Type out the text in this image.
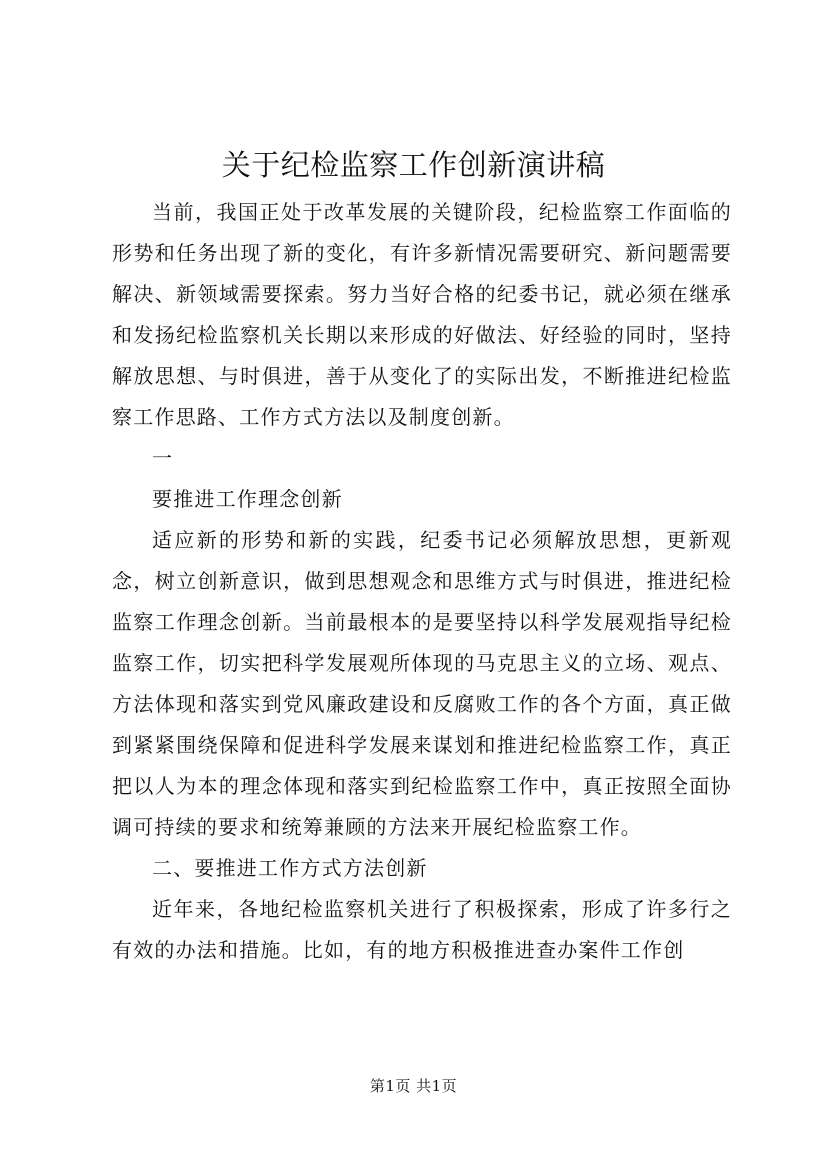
关于纪检监察工作创新演讲稿

当前，我国正处于改革发展的关键阶段，纪检监察工作面临的形势和任务出现了新的变化，有许多新情况需要研究、新问题需要解决、新领域需要探索。努力当好合格的纪委书记，就必须在继承和发扬纪检监察机关长期以来形成的好做法、好经验的同时，坚持解放思想、与时俱进，善于从变化了的实际出发，不断推进纪检监察工作思路、工作方式方法以及制度创新。

一

要推进工作理念创新

适应新的形势和新的实践，纪委书记必须解放思想，更新观念，树立创新意识，做到思想观念和思维方式与时俱进，推进纪检监察工作理念创新。当前最根本的是要坚持以科学发展观指导纪检监察工作，切实把科学发展观所体现的马克思主义的立场、观点、方法体现和落实到党风廉政建设和反腐败工作的各个方面，真正做到紧紧围绕保障和促进科学发展来谋划和推进纪检监察工作，真正把以人为本的理念体现和落实到纪检监察工作中，真正按照全面协调可持续的要求和统筹兼顾的方法来开展纪检监察工作。

二、要推进工作方式方法创新

近年来，各地纪检监察机关进行了积极探索，形成了许多行之有效的办法和措施。比如，有的地方积极推进查办案件工作创

第1页 共1页
